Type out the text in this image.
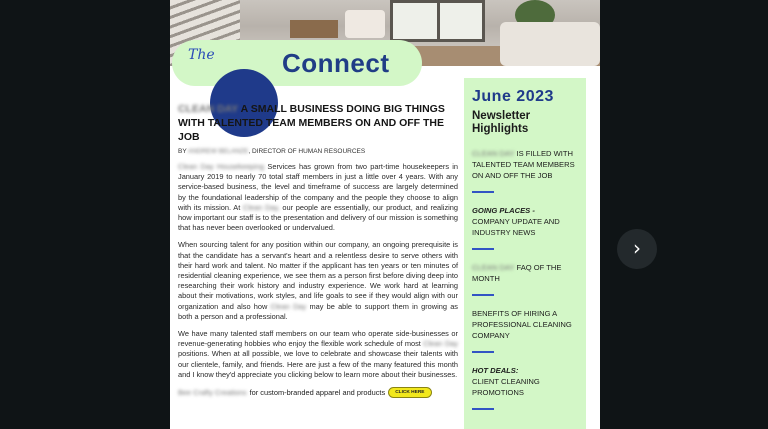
The	Connect
CLEAN DAY A SMALL BUSINESS DOING BIG THINGS WITH TALENTED TEAM MEMBERS ON AND OFF THE JOB
BY ANDREW BELANZE, DIRECTOR OF HUMAN RESOURCES

Clean Day Housekeeping Services has grown from two part-time housekeepers in January 2019 to nearly 70 total staff members in just a little over 4 years. With any service-based business, the level and timeframe of success are largely determined by the foundational leadership of the company and the people they choose to align with its mission. At Clean Day, our people are essentially, our product, and realizing how important our staff is to the presentation and delivery of our mission is something that has never been overlooked or undervalued.

When sourcing talent for any position within our company, an ongoing prerequisite is that the candidate has a servant's heart and a relentless desire to serve others with their hard work and talent. No matter if the applicant has ten years or ten minutes of residential cleaning experience, we see them as a person first before diving deep into researching their work history and industry experience. We work hard at learning about their motivations, work styles, and life goals to see if they would align with our organization and also how Clean Day may be able to support them in growing as both a person and a professional.

We have many talented staff members on our team who operate side-businesses or revenue-generating hobbies who enjoy the flexible work schedule of most Clean Day positions. When at all possible, we love to celebrate and showcase their talents with our clientele, family, and friends. Here are just a few of the many featured this month and I know they'd appreciate you clicking below to learn more about their businesses.

Bee Crafty Creations for custom-branded apparel and products	CLICK HERE
June 2023
Newsletter Highlights
CLEAN DAY IS FILLED WITH TALENTED TEAM MEMBERS ON AND OFF THE JOB
GOING PLACES -
COMPANY UPDATE AND INDUSTRY NEWS
CLEAN DAY FAQ OF THE MONTH
BENEFITS OF HIRING A PROFESSIONAL CLEANING COMPANY
HOT DEALS:
CLIENT CLEANING PROMOTIONS
›
